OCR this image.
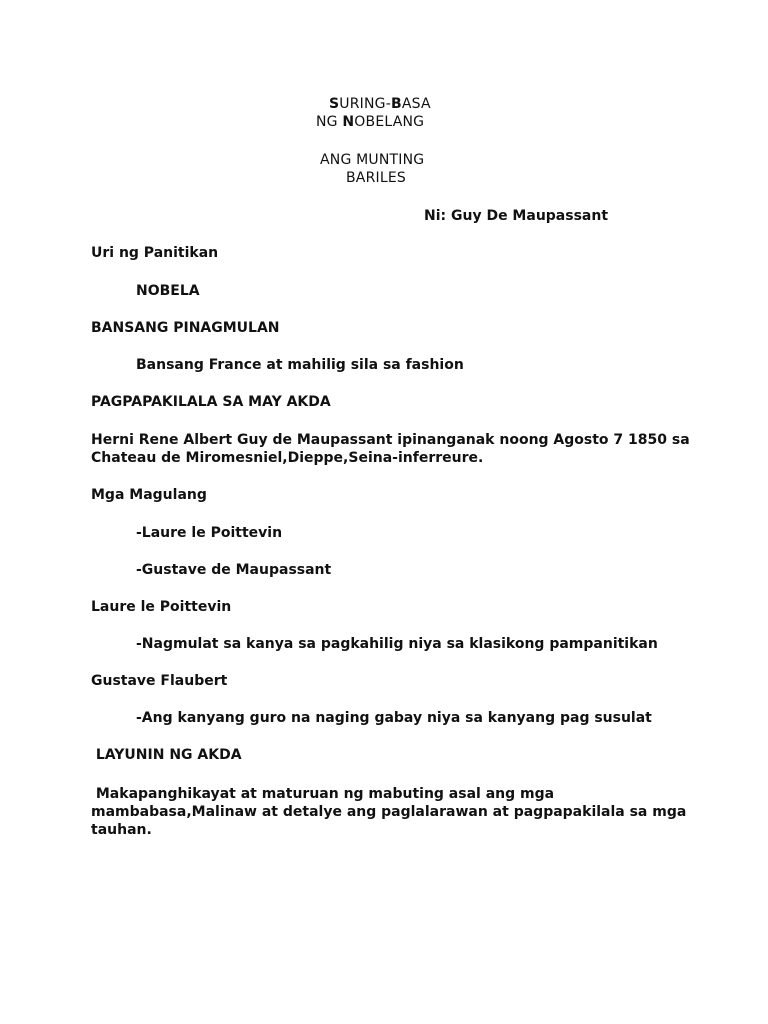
SURING-BASA
NG NOBELANG
ANG MUNTING
BARILES
Ni: Guy De Maupassant
Uri ng Panitikan
NOBELA
BANSANG PINAGMULAN
Bansang France at mahilig sila sa fashion
PAGPAPAKILALA SA MAY AKDA
Herni Rene Albert Guy de Maupassant ipinanganak noong Agosto 7 1850 sa Chateau de Miromesniel,Dieppe,Seina-inferreure.
Mga Magulang
-Laure le Poittevin
-Gustave de Maupassant
Laure le Poittevin
-Nagmulat sa kanya sa pagkahilig niya sa klasikong pampanitikan
Gustave Flaubert
-Ang kanyang guro na naging gabay niya sa kanyang pag susulat
LAYUNIN NG AKDA
Makapanghikayat at maturuan ng mabuting asal ang mga mambabasa,Malinaw at detalye ang paglalarawan at pagpapakilala sa mga tauhan.
